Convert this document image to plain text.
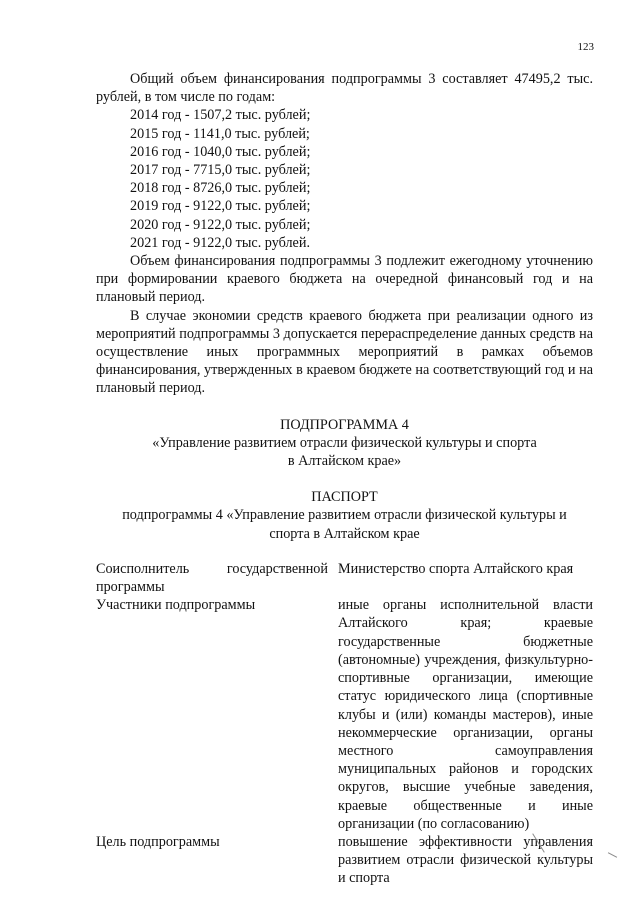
123

Общий объем финансирования подпрограммы 3 составляет 47495,2 тыс. рублей, в том числе по годам:

2014 год - 1507,2 тыс. рублей;
2015 год - 1141,0 тыс. рублей;
2016 год - 1040,0 тыс. рублей;
2017 год - 7715,0 тыс. рублей;
2018 год - 8726,0 тыс. рублей;
2019 год - 9122,0 тыс. рублей;
2020 год - 9122,0 тыс. рублей;
2021 год - 9122,0 тыс. рублей.

Объем финансирования подпрограммы 3 подлежит ежегодному уточнению при формировании краевого бюджета на очередной финансовый год и на плановый период.

В случае экономии средств краевого бюджета при реализации одного из мероприятий подпрограммы 3 допускается перераспределение данных средств на осуществление иных программных мероприятий в рамках объемов финансирования, утвержденных в краевом бюджете на соответствующий год и на плановый период.

ПОДПРОГРАММА 4

«Управление развитием отрасли физической культуры и спорта

в Алтайском крае»

ПАСПОРТ

подпрограммы 4 «Управление развитием отрасли физической культуры и

спорта в Алтайском крае

Соисполнитель государственной программы	Министерство спорта Алтайского края
Участники подпрограммы	иные органы исполнительной власти Алтайского края; краевые государственные бюджетные (автономные) учреждения, физкультурно-спортивные организации, имеющие статус юридического лица (спортивные клубы и (или) команды мастеров), иные некоммерческие организации, органы местного самоуправления муниципальных районов и городских округов, высшие учебные заведения, краевые общественные и иные организации (по согласованию)
Цель подпрограммы	повышение эффективности управления развитием отрасли физической культуры и спорта
